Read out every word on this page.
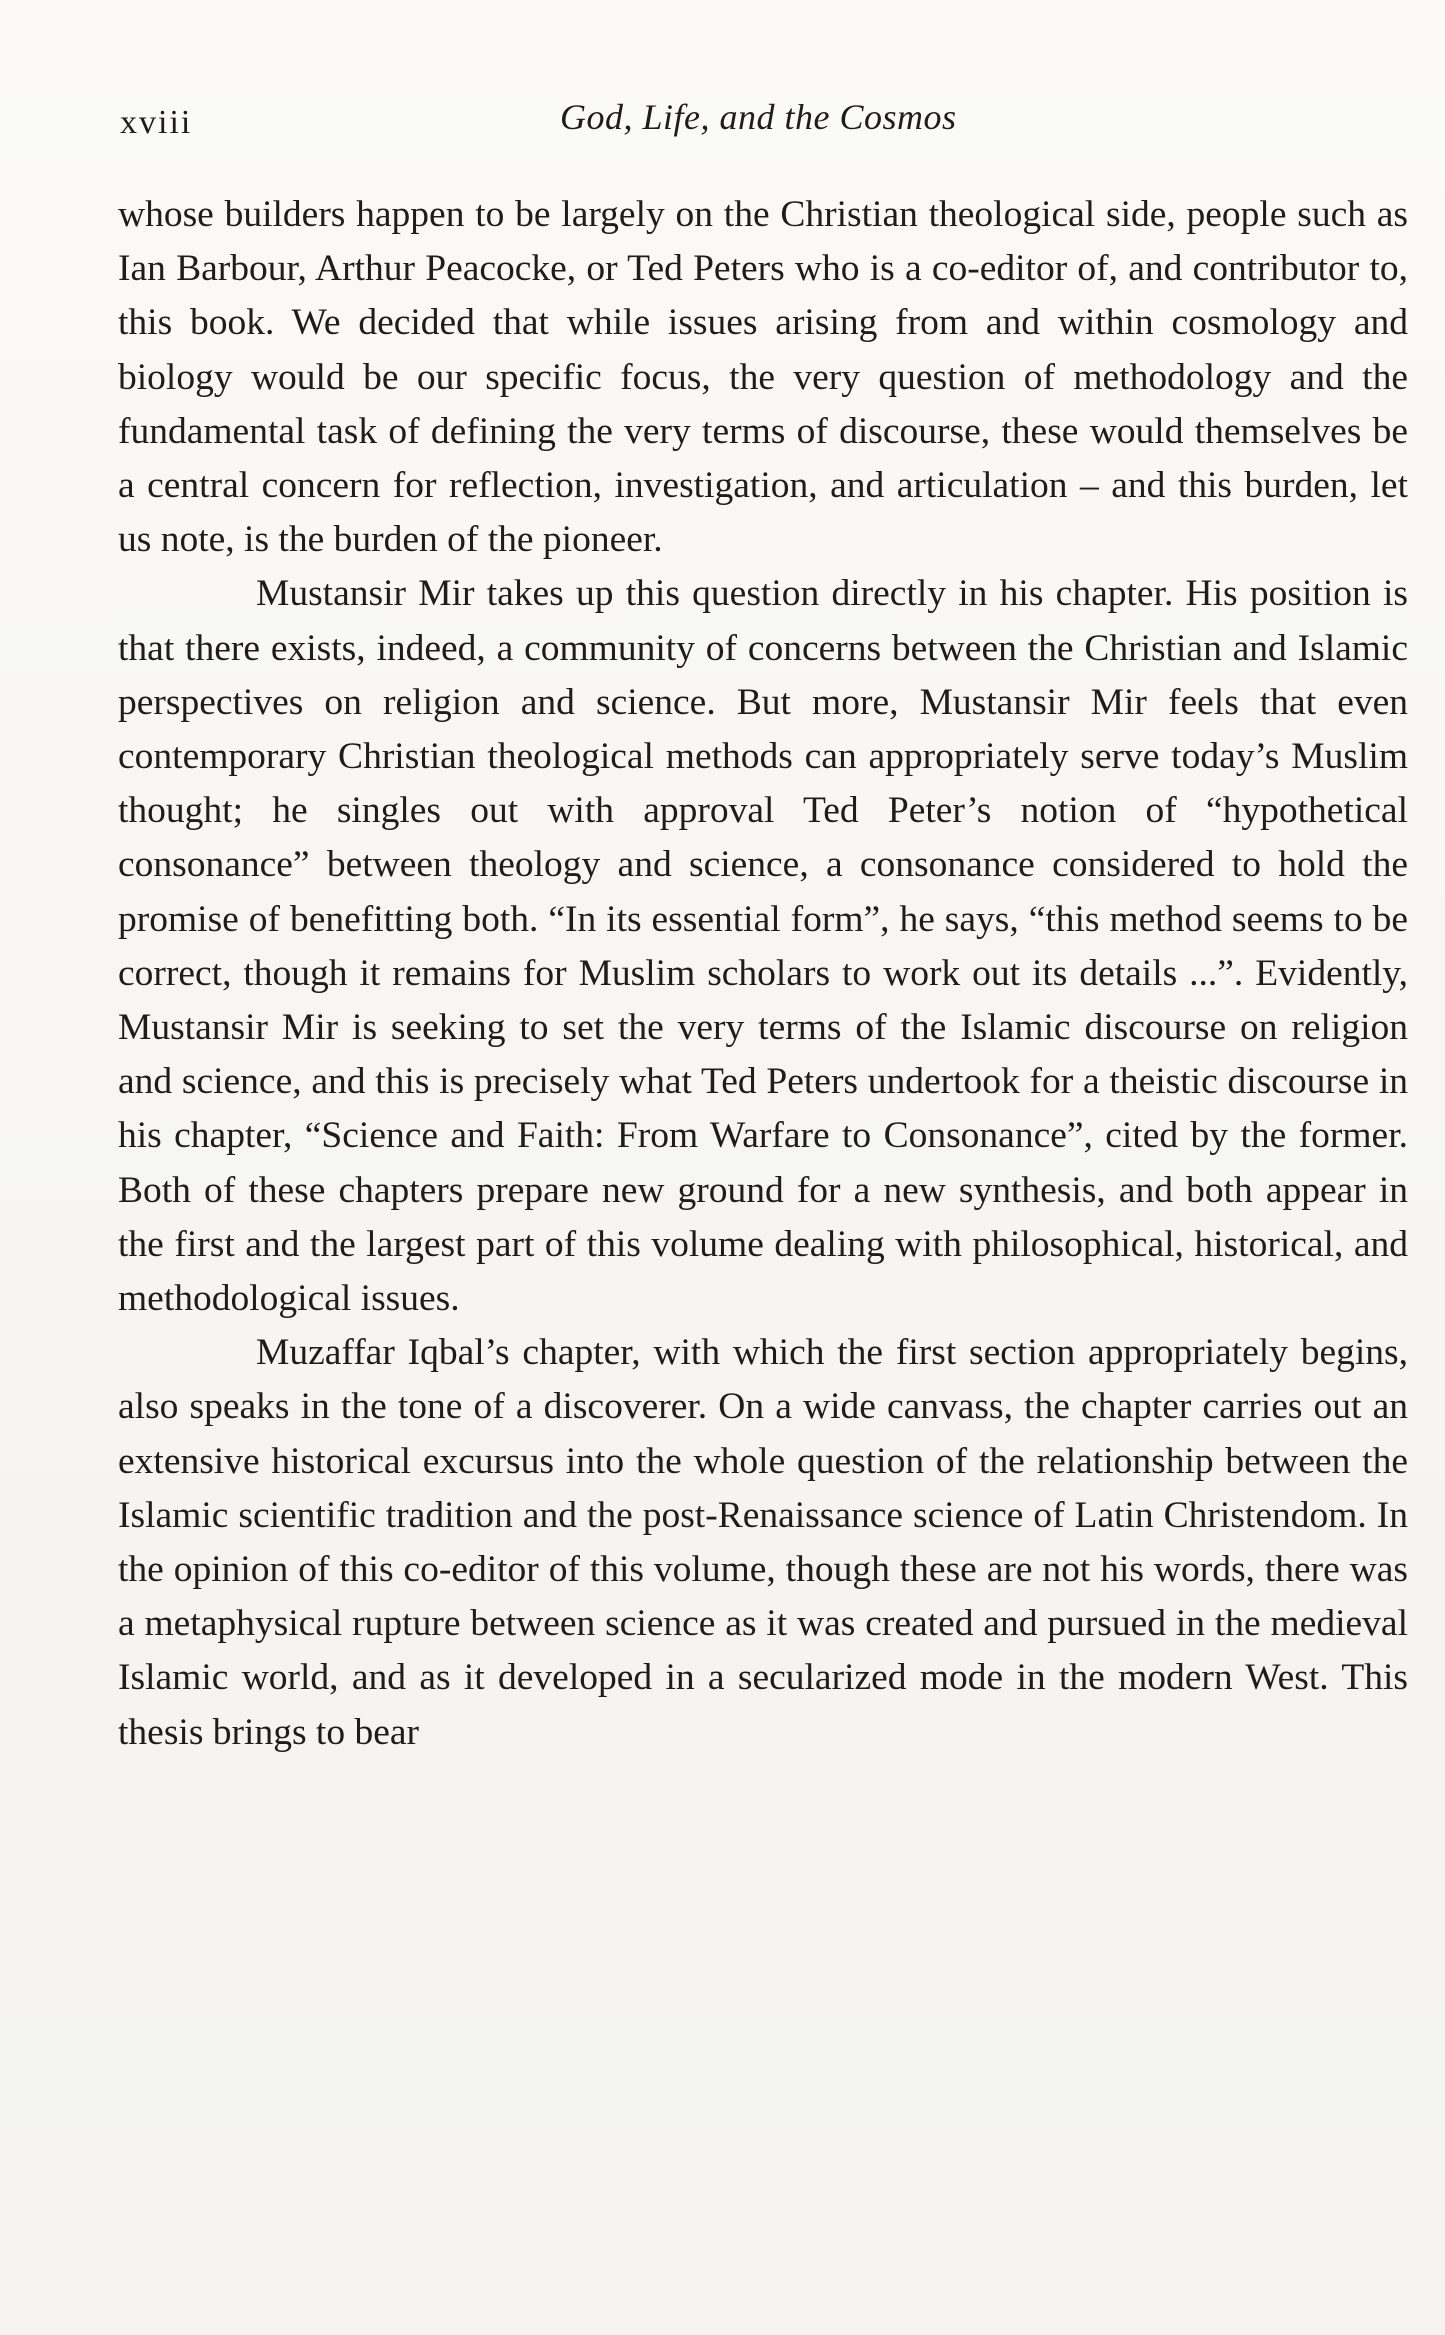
xviii	God, Life, and the Cosmos

whose builders happen to be largely on the Christian theological side, people such as Ian Barbour, Arthur Peacocke, or Ted Peters who is a co-editor of, and contributor to, this book. We decided that while issues arising from and within cosmology and biology would be our specific focus, the very question of methodology and the fundamental task of defining the very terms of discourse, these would themselves be a central concern for reflection, investigation, and articulation – and this burden, let us note, is the burden of the pioneer.

Mustansir Mir takes up this question directly in his chapter. His position is that there exists, indeed, a community of concerns between the Christian and Islamic perspectives on religion and science. But more, Mustansir Mir feels that even contemporary Christian theological methods can appropriately serve today’s Muslim thought; he singles out with approval Ted Peter’s notion of “hypothetical consonance” between theology and science, a consonance considered to hold the promise of benefitting both. “In its essential form”, he says, “this method seems to be correct, though it remains for Muslim scholars to work out its details ...”. Evidently, Mustansir Mir is seeking to set the very terms of the Islamic discourse on religion and science, and this is precisely what Ted Peters undertook for a theistic discourse in his chapter, “Science and Faith: From Warfare to Consonance”, cited by the former. Both of these chapters prepare new ground for a new synthesis, and both appear in the first and the largest part of this volume dealing with philosophical, historical, and methodological issues.

Muzaffar Iqbal’s chapter, with which the first section appropriately begins, also speaks in the tone of a discoverer. On a wide canvass, the chapter carries out an extensive historical excursus into the whole question of the relationship between the Islamic scientific tradition and the post-Renaissance science of Latin Christendom. In the opinion of this co-editor of this volume, though these are not his words, there was a metaphysical rupture between science as it was created and pursued in the medieval Islamic world, and as it developed in a secularized mode in the modern West. This thesis brings to bear
